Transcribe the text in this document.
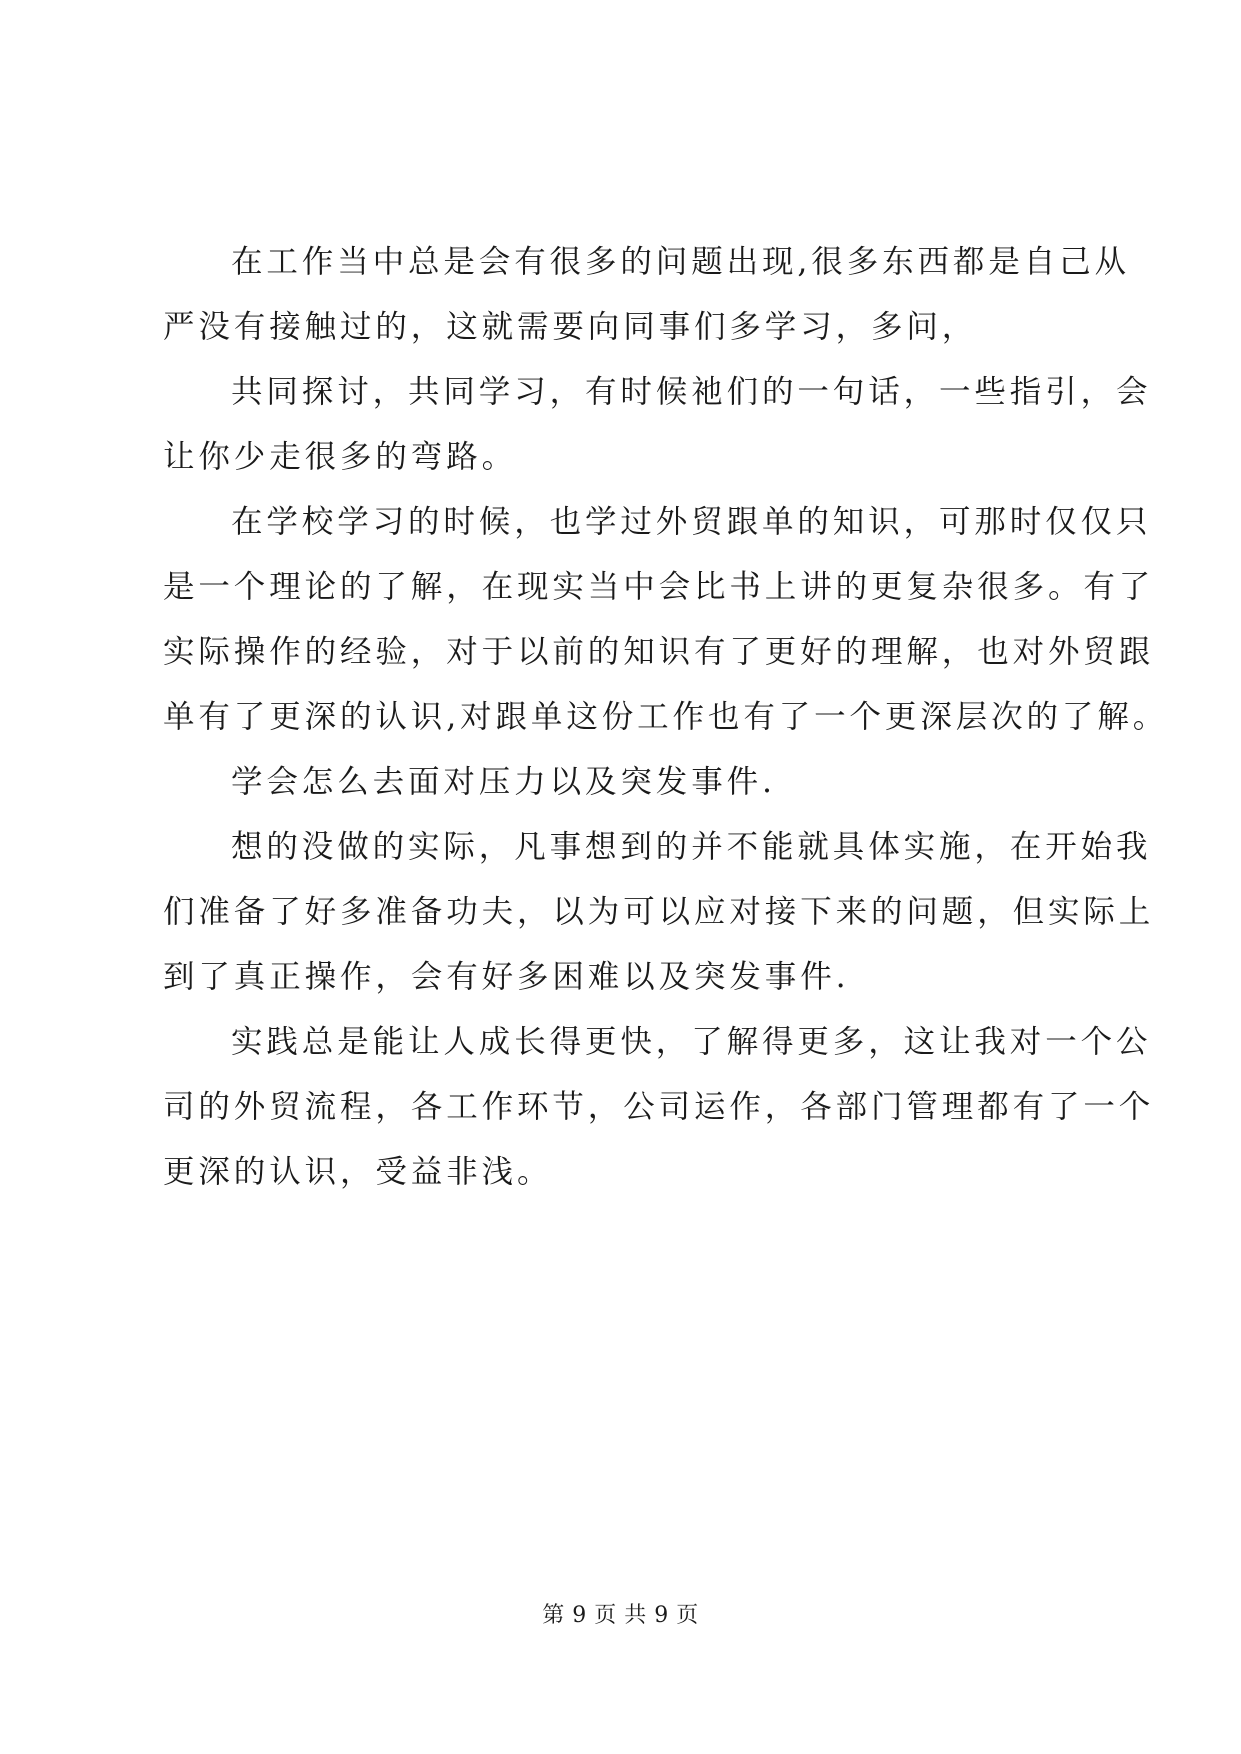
在工作当中总是会有很多的问题出现,很多东西都是自己从
严没有接触过的，这就需要向同事们多学习，多问，

共同探讨，共同学习，有时候祂们的一句话，一些指引，会
让你少走很多的弯路。

在学校学习的时候，也学过外贸跟单的知识，可那时仅仅只
是一个理论的了解，在现实当中会比书上讲的更复杂很多。有了
实际操作的经验，对于以前的知识有了更好的理解，也对外贸跟
单有了更深的认识,对跟单这份工作也有了一个更深层次的了解。

学会怎么去面对压力以及突发事件.

想的没做的实际，凡事想到的并不能就具体实施，在开始我
们准备了好多准备功夫，以为可以应对接下来的问题，但实际上
到了真正操作，会有好多困难以及突发事件.

实践总是能让人成长得更快，了解得更多，这让我对一个公
司的外贸流程，各工作环节，公司运作，各部门管理都有了一个
更深的认识，受益非浅。

第 9 页 共 9 页
